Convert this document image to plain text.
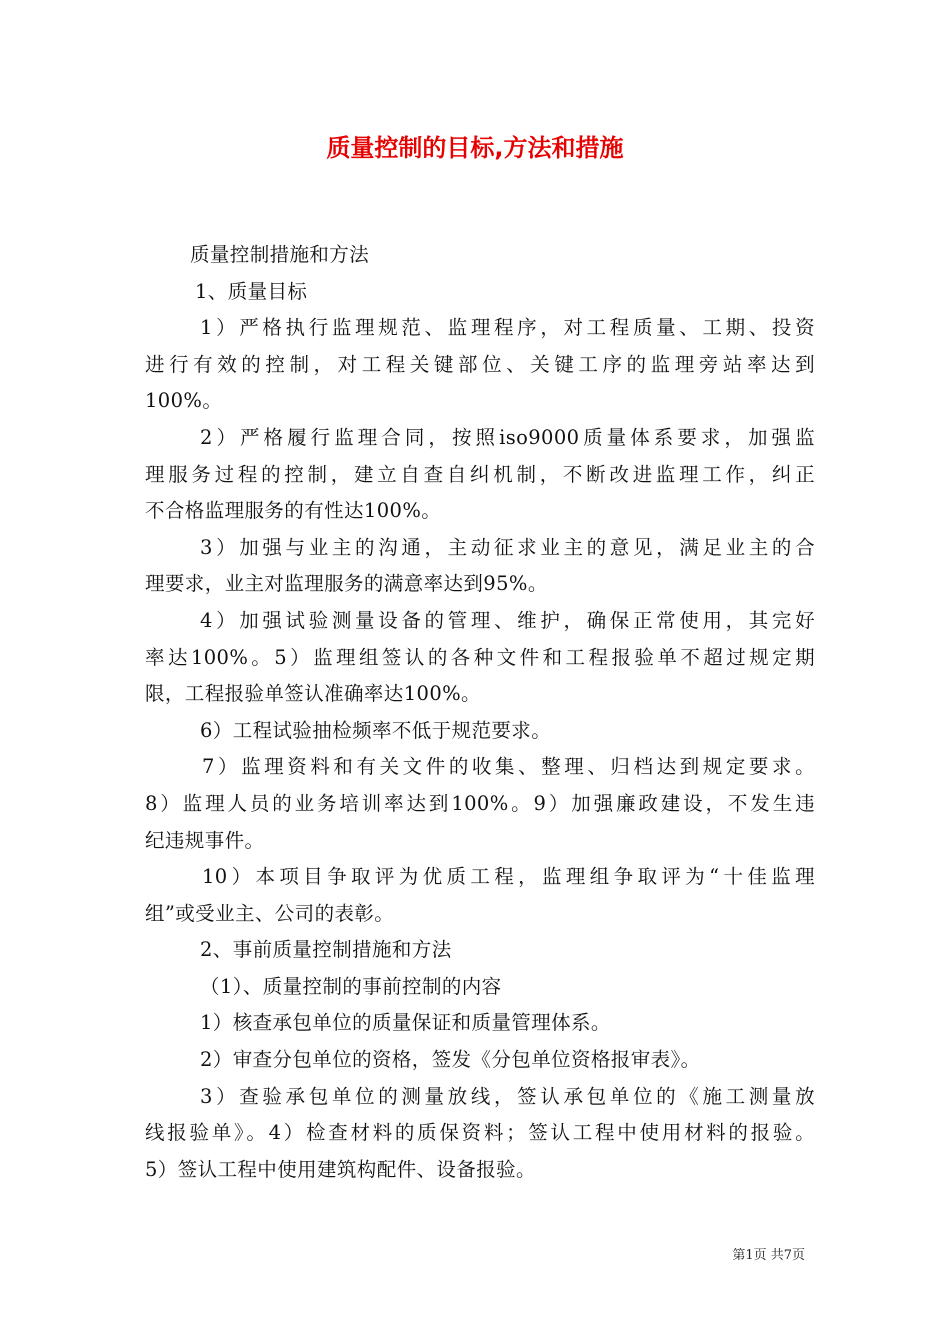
质量控制的目标,方法和措施
质量控制措施和方法
1、质量目标
1）严格执行监理规范、监理程序，对工程质量、工期、投资
进行有效的控制，对工程关键部位、关键工序的监理旁站率达到
100%。
2）严格履行监理合同，按照iso9000质量体系要求，加强监
理服务过程的控制，建立自查自纠机制，不断改进监理工作，纠正
不合格监理服务的有性达100%。
3）加强与业主的沟通，主动征求业主的意见，满足业主的合
理要求，业主对监理服务的满意率达到95%。
4）加强试验测量设备的管理、维护，确保正常使用，其完好
率达100%。5）监理组签认的各种文件和工程报验单不超过规定期
限，工程报验单签认准确率达100%。
6）工程试验抽检频率不低于规范要求。
7）监理资料和有关文件的收集、整理、归档达到规定要求。
8）监理人员的业务培训率达到100%。9）加强廉政建设，不发生违
纪违规事件。
10）本项目争取评为优质工程，监理组争取评为“十佳监理
组”或受业主、公司的表彰。
2、事前质量控制措施和方法
（1）、质量控制的事前控制的内容
1）核查承包单位的质量保证和质量管理体系。
2）审查分包单位的资格，签发《分包单位资格报审表》。
3）查验承包单位的测量放线，签认承包单位的《施工测量放
线报验单》。4）检查材料的质保资料；签认工程中使用材料的报验。
5）签认工程中使用建筑构配件、设备报验。
第1页 共7页
